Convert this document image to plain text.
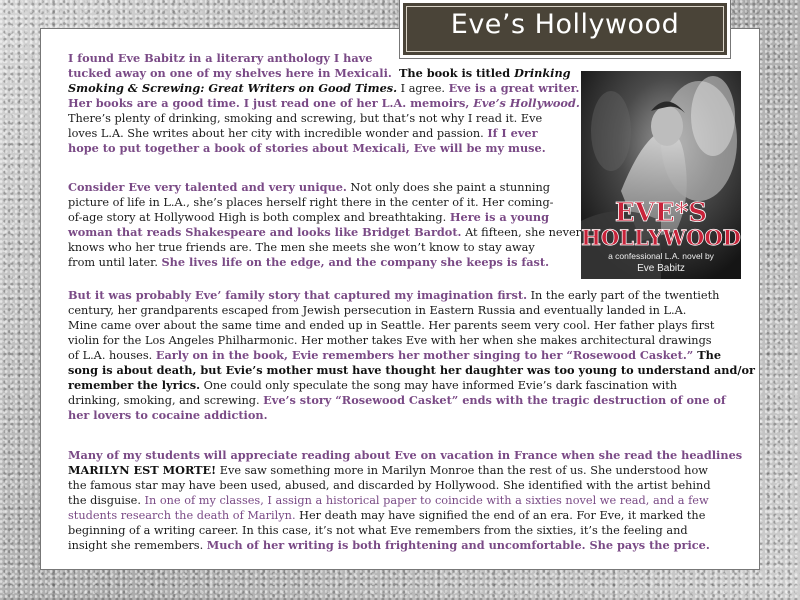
Eve’s Hollywood
EVE*S
HOLLYWOOD
a confessional L.A. novel by
Eve Babitz
I found Eve Babitz in a literary anthology I have
tucked away on one of my shelves here in Mexicali. The book is titled Drinking
Smoking & Screwing: Great Writers on Good Times. I agree. Eve is a great writer.
Her books are a good time. I just read one of her L.A. memoirs, Eve’s Hollywood.
There’s plenty of drinking, smoking and screwing, but that’s not why I read it. Eve
loves L.A. She writes about her city with incredible wonder and passion. If I ever
hope to put together a book of stories about Mexicali, Eve will be my muse.
Consider Eve very talented and very unique. Not only does she paint a stunning
picture of life in L.A., she’s places herself right there in the center of it. Her coming-
of-age story at Hollywood High is both complex and breathtaking. Here is a young
woman that reads Shakespeare and looks like Bridget Bardot. At fifteen, she never
knows who her true friends are. The men she meets she won’t know to stay away
from until later. She lives life on the edge, and the company she keeps is fast.
But it was probably Eve’ family story that captured my imagination first. In the early part of the twentieth
century, her grandparents escaped from Jewish persecution in Eastern Russia and eventually landed in L.A.
Mine came over about the same time and ended up in Seattle. Her parents seem very cool. Her father plays first
violin for the Los Angeles Philharmonic. Her mother takes Eve with her when she makes architectural drawings
of L.A. houses. Early on in the book, Evie remembers her mother singing to her “Rosewood Casket.” The
song is about death, but Evie’s mother must have thought her daughter was too young to understand and/or
remember the lyrics. One could only speculate the song may have informed Evie’s dark fascination with
drinking, smoking, and screwing. Eve’s story “Rosewood Casket” ends with the tragic destruction of one of
her lovers to cocaine addiction.
Many of my students will appreciate reading about Eve on vacation in France when she read the headlines
MARILYN EST MORTE! Eve saw something more in Marilyn Monroe than the rest of us. She understood how
the famous star may have been used, abused, and discarded by Hollywood. She identified with the artist behind
the disguise. In one of my classes, I assign a historical paper to coincide with a sixties novel we read, and a few
students research the death of Marilyn. Her death may have signified the end of an era. For Eve, it marked the
beginning of a writing career. In this case, it’s not what Eve remembers from the sixties, it’s the feeling and
insight she remembers. Much of her writing is both frightening and uncomfortable. She pays the price.
